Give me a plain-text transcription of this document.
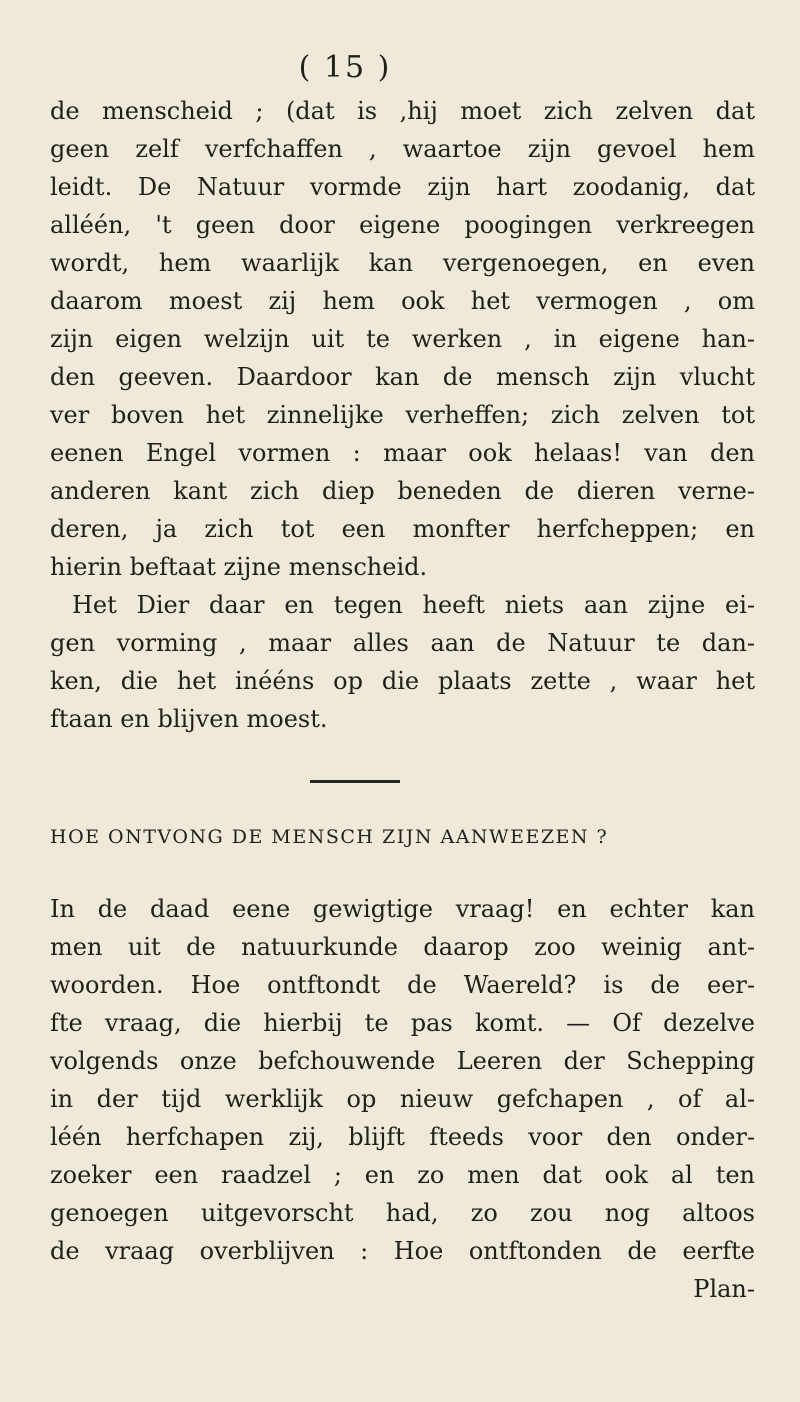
( 15 )
de menscheid ; (dat is ,hij moet zich zelven dat
geen zelf verfchaffen , waartoe zijn gevoel hem
leidt. De Natuur vormde zijn hart zoodanig, dat
alléén, 't geen door eigene poogingen verkreegen
wordt, hem waarlijk kan vergenoegen, en even
daarom moest zij hem ook het vermogen , om
zijn eigen welzijn uit te werken , in eigene han-
den geeven. Daardoor kan de mensch zijn vlucht
ver boven het zinnelijke verheffen; zich zelven tot
eenen Engel vormen : maar ook helaas! van den
anderen kant zich diep beneden de dieren verne-
deren, ja zich tot een monfter herfcheppen; en
hierin beftaat zijne menscheid.
Het Dier daar en tegen heeft niets aan zijne ei-
gen vorming , maar alles aan de Natuur te dan-
ken, die het inééns op die plaats zette , waar het
ftaan en blijven moest.
HOE ONTVONG DE MENSCH ZIJN AANWEEZEN ?
In de daad eene gewigtige vraag! en echter kan
men uit de natuurkunde daarop zoo weinig ant-
woorden. Hoe ontftondt de Waereld? is de eer-
fte vraag, die hierbij te pas komt. — Of dezelve
volgends onze befchouwende Leeren der Schepping
in der tijd werklijk op nieuw gefchapen , of al-
léén herfchapen zij, blijft fteeds voor den onder-
zoeker een raadzel ; en zo men dat ook al ten
genoegen uitgevorscht had, zo zou nog altoos
de vraag overblijven : Hoe ontftonden de eerfte
Plan-
